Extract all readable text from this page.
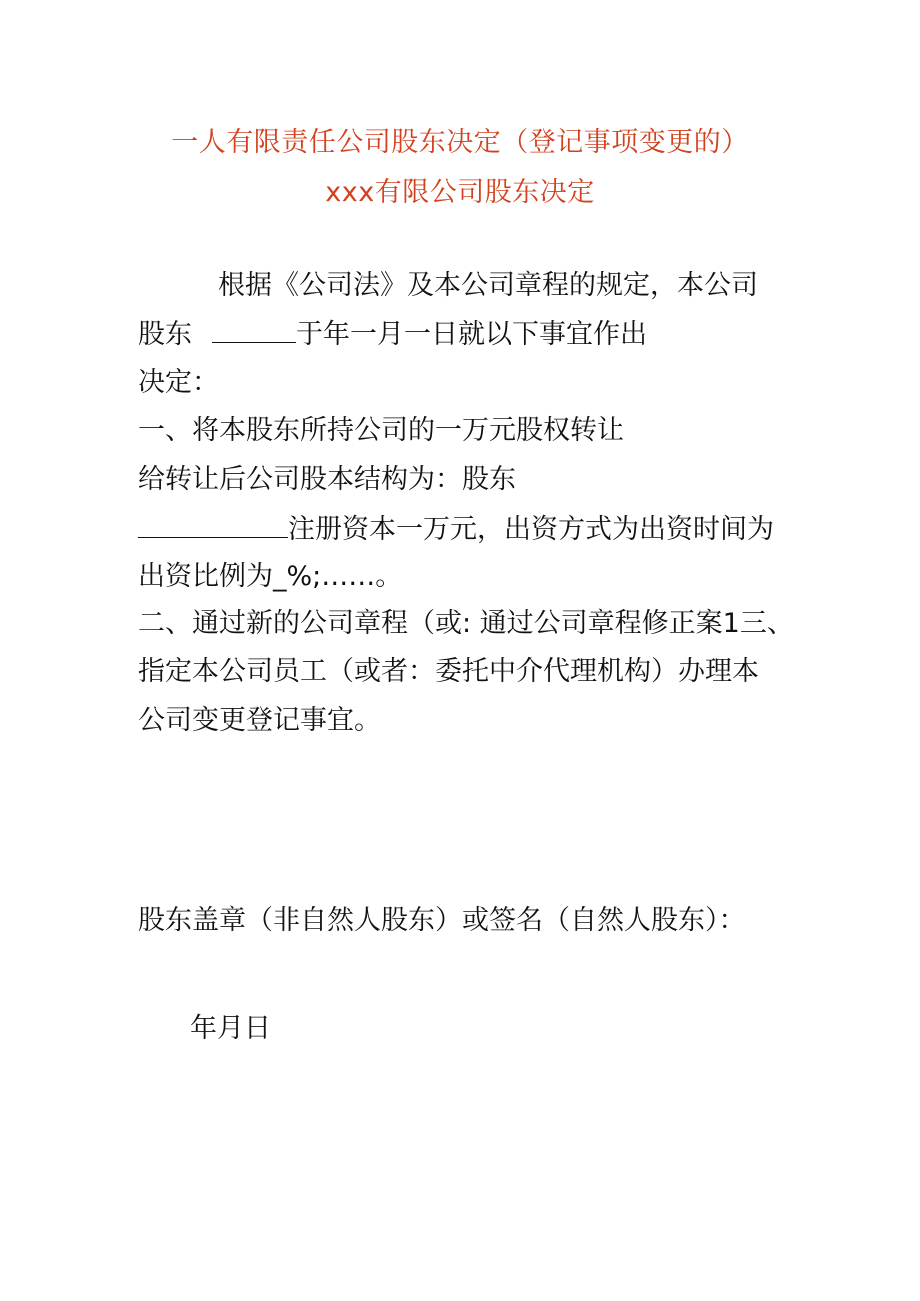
一人有限责任公司股东决定（登记事项变更的）
xxx有限公司股东决定
根据《公司法》及本公司章程的规定，本公司
股东	于年一月一日就以下事宜作出
决定：
一、将本股东所持公司的一万元股权转让
给转让后公司股本结构为：股东
注册资本一万元，出资方式为出资时间为
出资比例为_%;……。
二、通过新的公司章程（或: 通过公司章程修正案1三、
指定本公司员工（或者：委托中介代理机构）办理本
公司变更登记事宜。
股东盖章（非自然人股东）或签名（自然人股东）：
年月日
